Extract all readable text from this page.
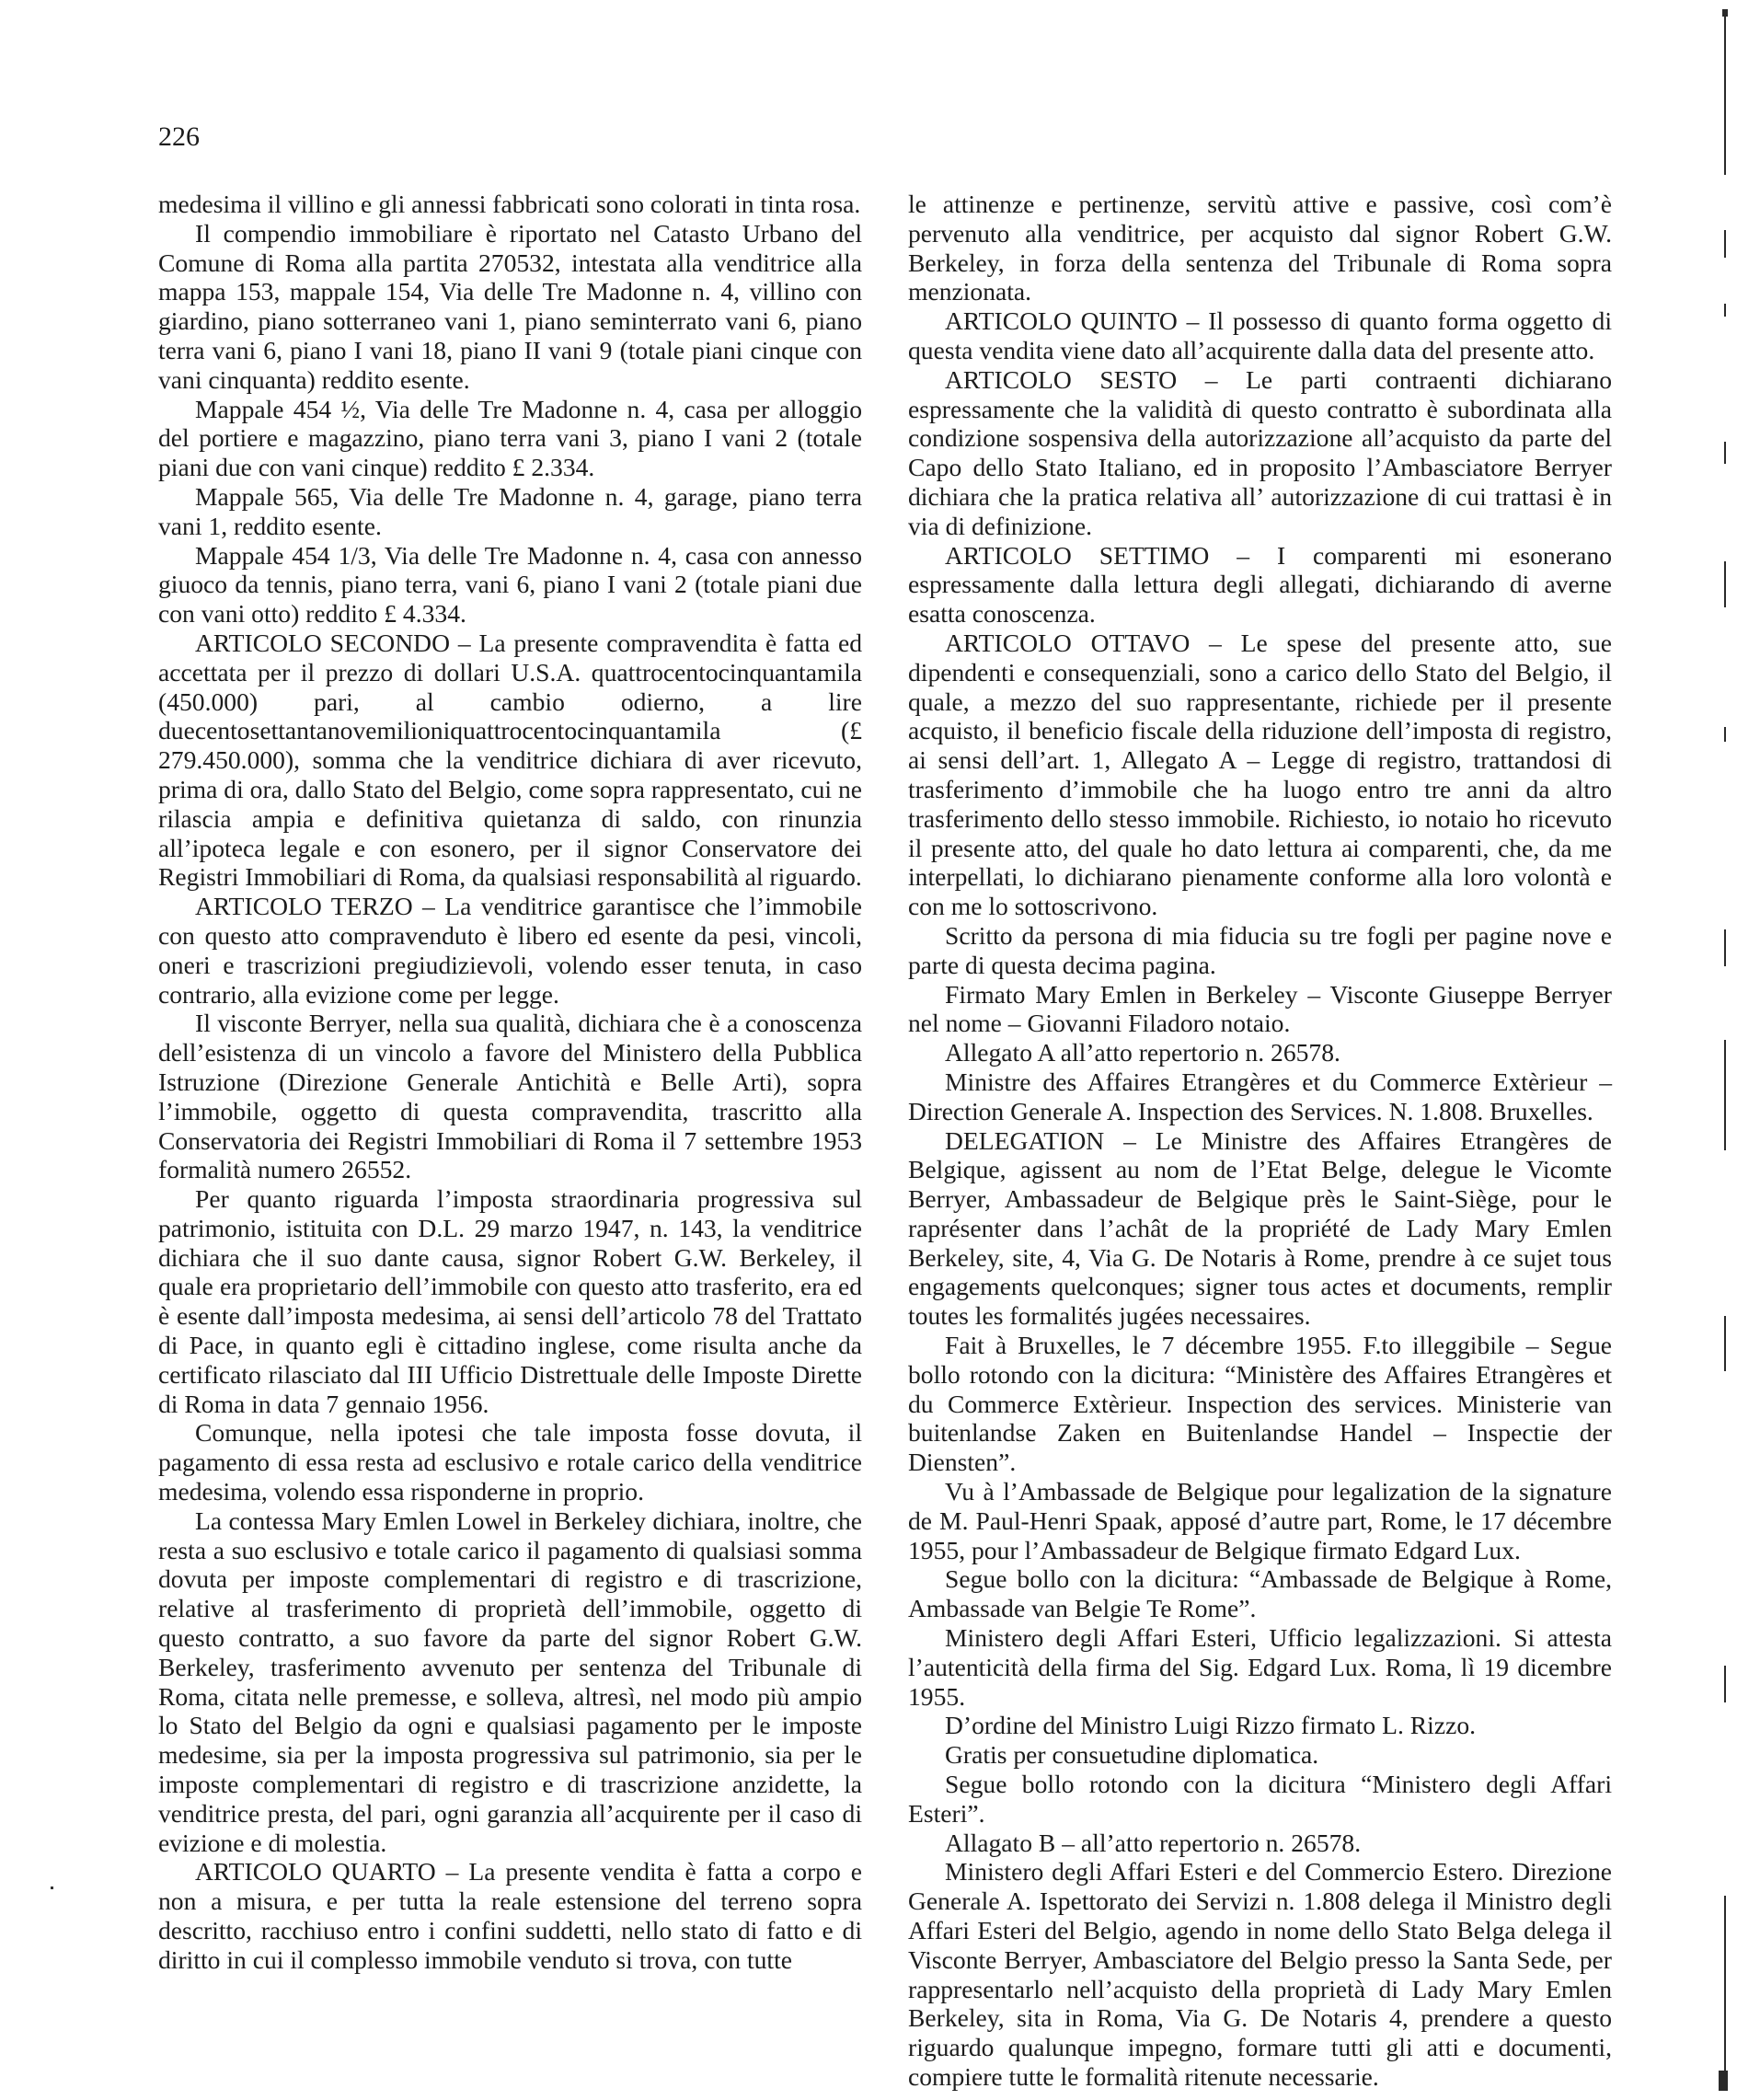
226

medesima il villino e gli annessi fabbricati sono colorati in tinta rosa.

Il compendio immobiliare è riportato nel Catasto Urbano del Comune di Roma alla partita 270532, intestata alla venditrice alla mappa 153, mappale 154, Via delle Tre Madonne n. 4, villino con giardino, piano sotterraneo vani 1, piano seminterrato vani 6, piano terra vani 6, piano I vani 18, piano II vani 9 (totale piani cinque con vani cinquanta) reddito esente.

Mappale 454 ½, Via delle Tre Madonne n. 4, casa per alloggio del portiere e magazzino, piano terra vani 3, piano I vani 2 (totale piani due con vani cinque) reddito £ 2.334.

Mappale 565, Via delle Tre Madonne n. 4, garage, piano terra vani 1, reddito esente.

Mappale 454 1/3, Via delle Tre Madonne n. 4, casa con annesso giuoco da tennis, piano terra, vani 6, piano I vani 2 (totale piani due con vani otto) reddito £ 4.334.

ARTICOLO SECONDO – La presente compravendita è fatta ed accettata per il prezzo di dollari U.S.A. quattrocentocinquantamila (450.000) pari, al cambio odierno, a lire duecentosettantanovemilioniquattrocentocinquantamila (£ 279.450.000), somma che la venditrice dichiara di aver ricevuto, prima di ora, dallo Stato del Belgio, come sopra rappresentato, cui ne rilascia ampia e definitiva quietanza di saldo, con rinunzia all’ipoteca legale e con esonero, per il signor Conservatore dei Registri Immobiliari di Roma, da qualsiasi responsabilità al riguardo.

ARTICOLO TERZO – La venditrice garantisce che l’immobile con questo atto compravenduto è libero ed esente da pesi, vincoli, oneri e trascrizioni pregiudizievoli, volendo esser tenuta, in caso contrario, alla evizione come per legge.

Il visconte Berryer, nella sua qualità, dichiara che è a conoscenza dell’esistenza di un vincolo a favore del Ministero della Pubblica Istruzione (Direzione Generale Antichità e Belle Arti), sopra l’immobile, oggetto di questa compravendita, trascritto alla Conservatoria dei Registri Immobiliari di Roma il 7 settembre 1953 formalità numero 26552.

Per quanto riguarda l’imposta straordinaria progressiva sul patrimonio, istituita con D.L. 29 marzo 1947, n. 143, la venditrice dichiara che il suo dante causa, signor Robert G.W. Berkeley, il quale era proprietario dell’immobile con questo atto trasferito, era ed è esente dall’imposta medesima, ai sensi dell’articolo 78 del Trattato di Pace, in quanto egli è cittadino inglese, come risulta anche da certificato rilasciato dal III Ufficio Distrettuale delle Imposte Dirette di Roma in data 7 gennaio 1956.

Comunque, nella ipotesi che tale imposta fosse dovuta, il pagamento di essa resta ad esclusivo e rotale carico della venditrice medesima, volendo essa risponderne in proprio.

La contessa Mary Emlen Lowel in Berkeley dichiara, inoltre, che resta a suo esclusivo e totale carico il pagamento di qualsiasi somma dovuta per imposte complementari di registro e di trascrizione, relative al trasferimento di proprietà dell’immobile, oggetto di questo contratto, a suo favore da parte del signor Robert G.W. Berkeley, trasferimento avvenuto per sentenza del Tribunale di Roma, citata nelle premesse, e solleva, altresì, nel modo più ampio lo Stato del Belgio da ogni e qualsiasi pagamento per le imposte medesime, sia per la imposta progressiva sul patrimonio, sia per le imposte complementari di registro e di trascrizione anzidette, la venditrice presta, del pari, ogni garanzia all’acquirente per il caso di evizione e di molestia.

ARTICOLO QUARTO – La presente vendita è fatta a corpo e non a misura, e per tutta la reale estensione del terreno sopra descritto, racchiuso entro i confini suddetti, nello stato di fatto e di diritto in cui il complesso immobile venduto si trova, con tutte

le attinenze e pertinenze, servitù attive e passive, così com’è pervenuto alla venditrice, per acquisto dal signor Robert G.W. Berkeley, in forza della sentenza del Tribunale di Roma sopra menzionata.

ARTICOLO QUINTO – Il possesso di quanto forma oggetto di questa vendita viene dato all’acquirente dalla data del presente atto.

ARTICOLO SESTO – Le parti contraenti dichiarano espressamente che la validità di questo contratto è subordinata alla condizione sospensiva della autorizzazione all’acquisto da parte del Capo dello Stato Italiano, ed in proposito l’Ambasciatore Berryer dichiara che la pratica relativa all’ autorizzazione di cui trattasi è in via di definizione.

ARTICOLO SETTIMO – I comparenti mi esonerano espressamente dalla lettura degli allegati, dichiarando di averne esatta conoscenza.

ARTICOLO OTTAVO – Le spese del presente atto, sue dipendenti e consequenziali, sono a carico dello Stato del Belgio, il quale, a mezzo del suo rappresentante, richiede per il presente acquisto, il beneficio fiscale della riduzione dell’imposta di registro, ai sensi dell’art. 1, Allegato A – Legge di registro, trattandosi di trasferimento d’immobile che ha luogo entro tre anni da altro trasferimento dello stesso immobile. Richiesto, io notaio ho ricevuto il presente atto, del quale ho dato lettura ai comparenti, che, da me interpellati, lo dichiarano pienamente conforme alla loro volontà e con me lo sottoscrivono.

Scritto da persona di mia fiducia su tre fogli per pagine nove e parte di questa decima pagina.

Firmato Mary Emlen in Berkeley – Visconte Giuseppe Berryer nel nome – Giovanni Filadoro notaio.

Allegato A all’atto repertorio n. 26578.

Ministre des Affaires Etrangères et du Commerce Extèrieur – Direction Generale A. Inspection des Services. N. 1.808. Bruxelles.

DELEGATION – Le Ministre des Affaires Etrangères de Belgique, agissent au nom de l’Etat Belge, delegue le Vicomte Berryer, Ambassadeur de Belgique près le Saint-Siège, pour le raprésenter dans l’achât de la propriété de Lady Mary Emlen Berkeley, site, 4, Via G. De Notaris à Rome, prendre à ce sujet tous engagements quelconques; signer tous actes et documents, remplir toutes les formalités jugées necessaires.

Fait à Bruxelles, le 7 décembre 1955. F.to illeggibile – Segue bollo rotondo con la dicitura: “Ministère des Affaires Etrangères et du Commerce Extèrieur. Inspection des services. Ministerie van buitenlandse Zaken en Buitenlandse Handel – Inspectie der Diensten”.

Vu à l’Ambassade de Belgique pour legalization de la signature de M. Paul-Henri Spaak, apposé d’autre part, Rome, le 17 décembre 1955, pour l’Ambassadeur de Belgique firmato Edgard Lux.

Segue bollo con la dicitura: “Ambassade de Belgique à Rome, Ambassade van Belgie Te Rome”.

Ministero degli Affari Esteri, Ufficio legalizzazioni. Si attesta l’autenticità della firma del Sig. Edgard Lux. Roma, lì 19 dicembre 1955.

D’ordine del Ministro Luigi Rizzo firmato L. Rizzo.

Gratis per consuetudine diplomatica.

Segue bollo rotondo con la dicitura “Ministero degli Affari Esteri”.

Allagato B – all’atto repertorio n. 26578.

Ministero degli Affari Esteri e del Commercio Estero. Direzione Generale A. Ispettorato dei Servizi n. 1.808 delega il Ministro degli Affari Esteri del Belgio, agendo in nome dello Stato Belga delega il Visconte Berryer, Ambasciatore del Belgio presso la Santa Sede, per rappresentarlo nell’acquisto della proprietà di Lady Mary Emlen Berkeley, sita in Roma, Via G. De Notaris 4, prendere a questo riguardo qualunque impegno, formare tutti gli atti e documenti, compiere tutte le formalità ritenute necessarie.
